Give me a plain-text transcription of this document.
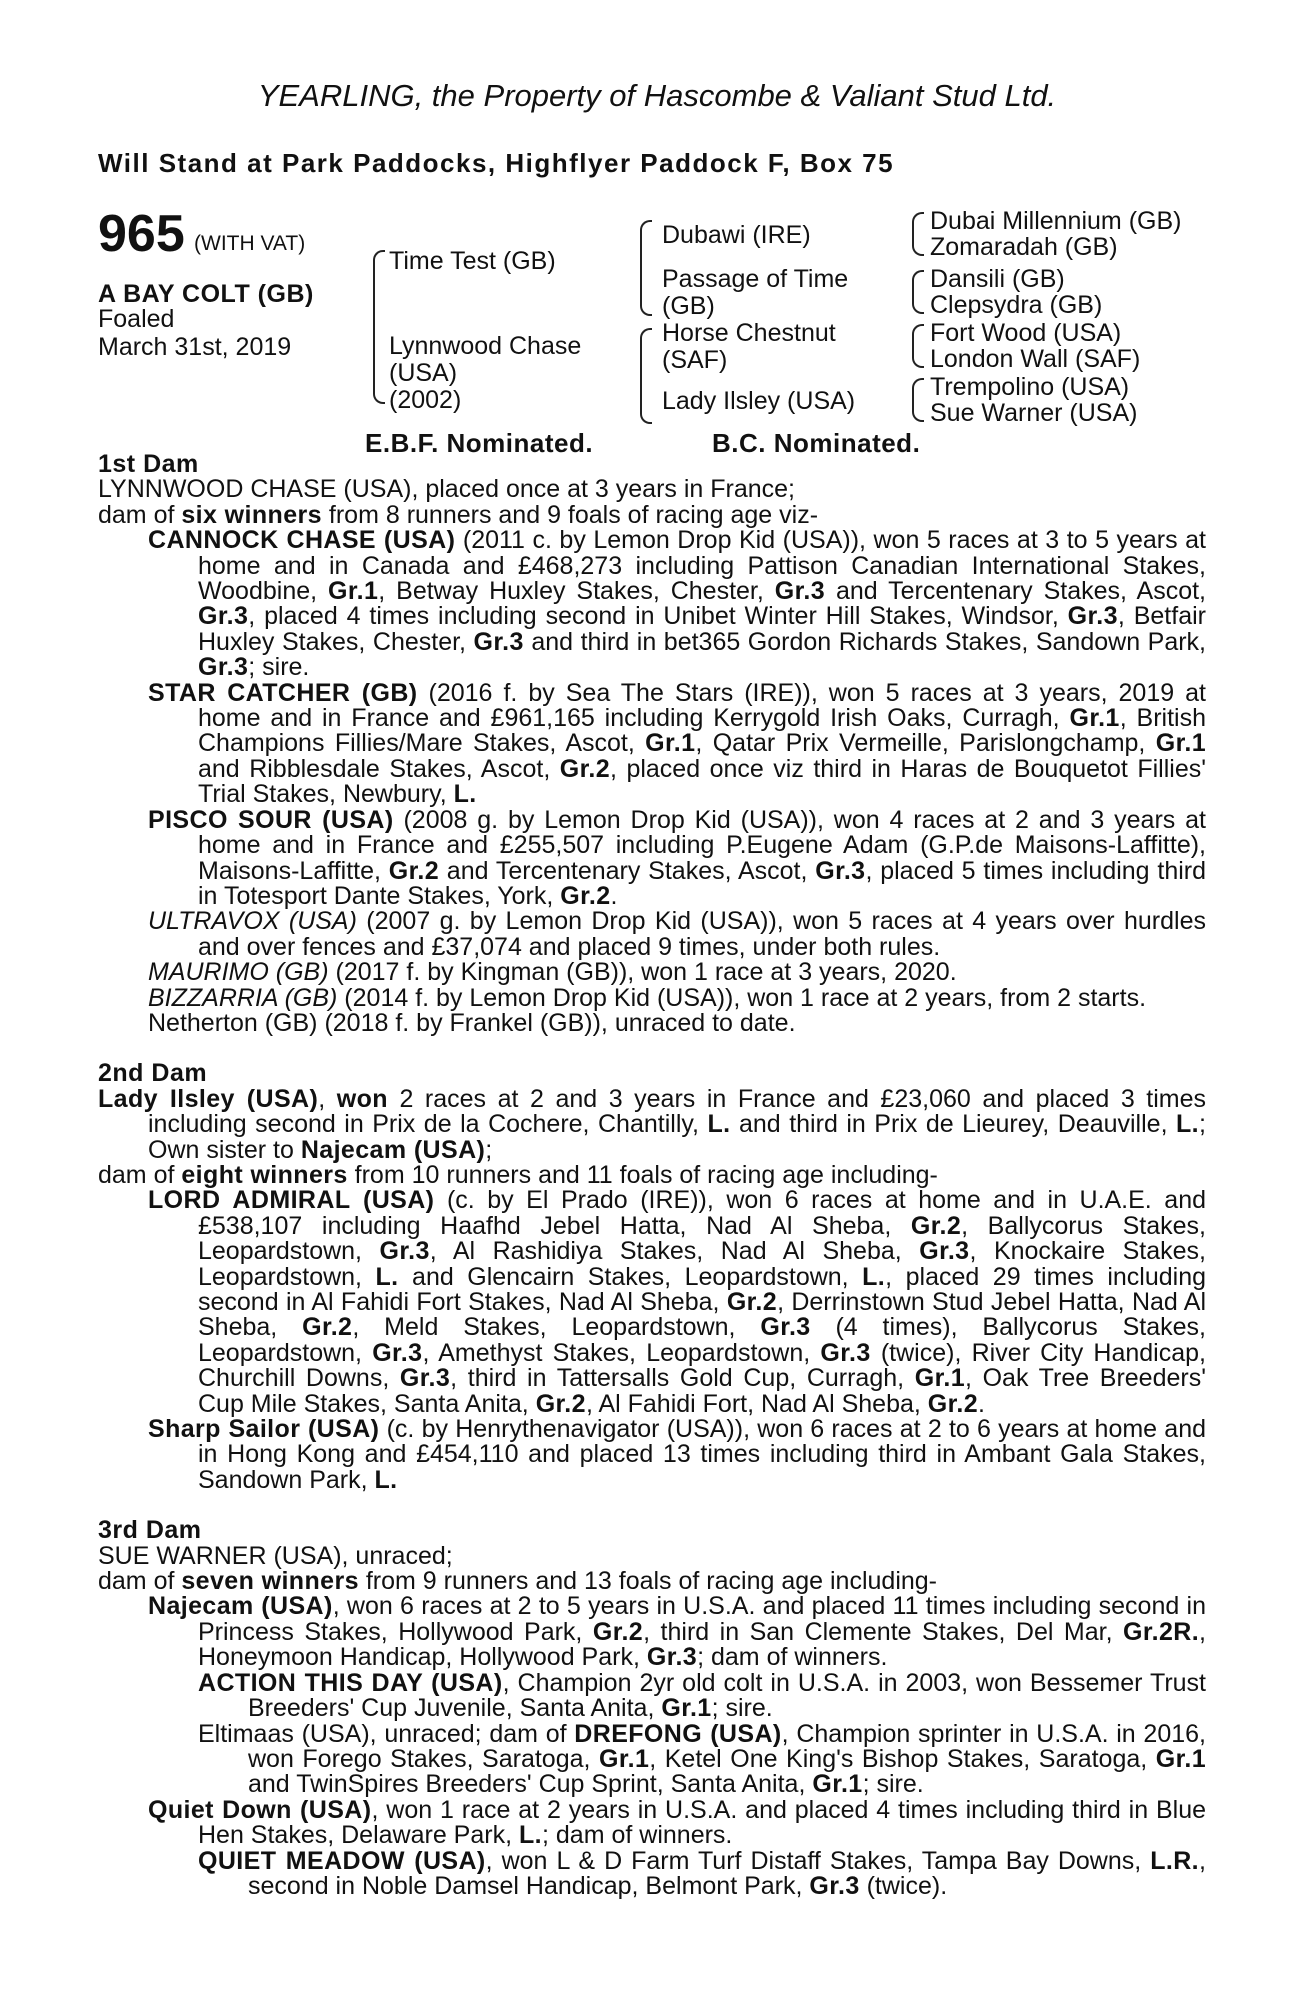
YEARLING, the Property of Hascombe & Valiant Stud Ltd.
Will Stand at Park Paddocks, Highflyer Paddock F, Box 75
965 (WITH VAT)
A BAY COLT (GB)
Foaled
March 31st, 2019
Time Test (GB)
Lynnwood Chase
(USA)
(2002)
Dubawi (IRE)
Passage of Time
(GB)
Horse Chestnut
(SAF)
Lady Ilsley (USA)
Dubai Millennium (GB)
Zomaradah (GB)
Dansili (GB)
Clepsydra (GB)
Fort Wood (USA)
London Wall (SAF)
Trempolino (USA)
Sue Warner (USA)
E.B.F. Nominated.	B.C. Nominated.
1st Dam
LYNNWOOD CHASE (USA), placed once at 3 years in France;
dam of six winners from 8 runners and 9 foals of racing age viz-
CANNOCK CHASE (USA) (2011 c. by Lemon Drop Kid (USA)), won 5 races at 3 to 5 years at home and in Canada and £468,273 including Pattison Canadian International Stakes, Woodbine, Gr.1, Betway Huxley Stakes, Chester, Gr.3 and Tercentenary Stakes, Ascot, Gr.3, placed 4 times including second in Unibet Winter Hill Stakes, Windsor, Gr.3, Betfair Huxley Stakes, Chester, Gr.3 and third in bet365 Gordon Richards Stakes, Sandown Park, Gr.3; sire.
STAR CATCHER (GB) (2016 f. by Sea The Stars (IRE)), won 5 races at 3 years, 2019 at home and in France and £961,165 including Kerrygold Irish Oaks, Curragh, Gr.1, British Champions Fillies/Mare Stakes, Ascot, Gr.1, Qatar Prix Vermeille, Parislongchamp, Gr.1 and Ribblesdale Stakes, Ascot, Gr.2, placed once viz third in Haras de Bouquetot Fillies' Trial Stakes, Newbury, L.
PISCO SOUR (USA) (2008 g. by Lemon Drop Kid (USA)), won 4 races at 2 and 3 years at home and in France and £255,507 including P.Eugene Adam (G.P.de Maisons-Laffitte), Maisons-Laffitte, Gr.2 and Tercentenary Stakes, Ascot, Gr.3, placed 5 times including third in Totesport Dante Stakes, York, Gr.2.
ULTRAVOX (USA) (2007 g. by Lemon Drop Kid (USA)), won 5 races at 4 years over hurdles and over fences and £37,074 and placed 9 times, under both rules.
MAURIMO (GB) (2017 f. by Kingman (GB)), won 1 race at 3 years, 2020.
BIZZARRIA (GB) (2014 f. by Lemon Drop Kid (USA)), won 1 race at 2 years, from 2 starts.
Netherton (GB) (2018 f. by Frankel (GB)), unraced to date.
2nd Dam
Lady Ilsley (USA), won 2 races at 2 and 3 years in France and £23,060 and placed 3 times including second in Prix de la Cochere, Chantilly, L. and third in Prix de Lieurey, Deauville, L.; Own sister to Najecam (USA);
dam of eight winners from 10 runners and 11 foals of racing age including-
LORD ADMIRAL (USA) (c. by El Prado (IRE)), won 6 races at home and in U.A.E. and £538,107 including Haafhd Jebel Hatta, Nad Al Sheba, Gr.2, Ballycorus Stakes, Leopardstown, Gr.3, Al Rashidiya Stakes, Nad Al Sheba, Gr.3, Knockaire Stakes, Leopardstown, L. and Glencairn Stakes, Leopardstown, L., placed 29 times including second in Al Fahidi Fort Stakes, Nad Al Sheba, Gr.2, Derrinstown Stud Jebel Hatta, Nad Al Sheba, Gr.2, Meld Stakes, Leopardstown, Gr.3 (4 times), Ballycorus Stakes, Leopardstown, Gr.3, Amethyst Stakes, Leopardstown, Gr.3 (twice), River City Handicap, Churchill Downs, Gr.3, third in Tattersalls Gold Cup, Curragh, Gr.1, Oak Tree Breeders' Cup Mile Stakes, Santa Anita, Gr.2, Al Fahidi Fort, Nad Al Sheba, Gr.2.
Sharp Sailor (USA) (c. by Henrythenavigator (USA)), won 6 races at 2 to 6 years at home and in Hong Kong and £454,110 and placed 13 times including third in Ambant Gala Stakes, Sandown Park, L.
3rd Dam
SUE WARNER (USA), unraced;
dam of seven winners from 9 runners and 13 foals of racing age including-
Najecam (USA), won 6 races at 2 to 5 years in U.S.A. and placed 11 times including second in Princess Stakes, Hollywood Park, Gr.2, third in San Clemente Stakes, Del Mar, Gr.2R., Honeymoon Handicap, Hollywood Park, Gr.3; dam of winners.
ACTION THIS DAY (USA), Champion 2yr old colt in U.S.A. in 2003, won Bessemer Trust Breeders' Cup Juvenile, Santa Anita, Gr.1; sire.
Eltimaas (USA), unraced; dam of DREFONG (USA), Champion sprinter in U.S.A. in 2016, won Forego Stakes, Saratoga, Gr.1, Ketel One King's Bishop Stakes, Saratoga, Gr.1 and TwinSpires Breeders' Cup Sprint, Santa Anita, Gr.1; sire.
Quiet Down (USA), won 1 race at 2 years in U.S.A. and placed 4 times including third in Blue Hen Stakes, Delaware Park, L.; dam of winners.
QUIET MEADOW (USA), won L & D Farm Turf Distaff Stakes, Tampa Bay Downs, L.R., second in Noble Damsel Handicap, Belmont Park, Gr.3 (twice).
